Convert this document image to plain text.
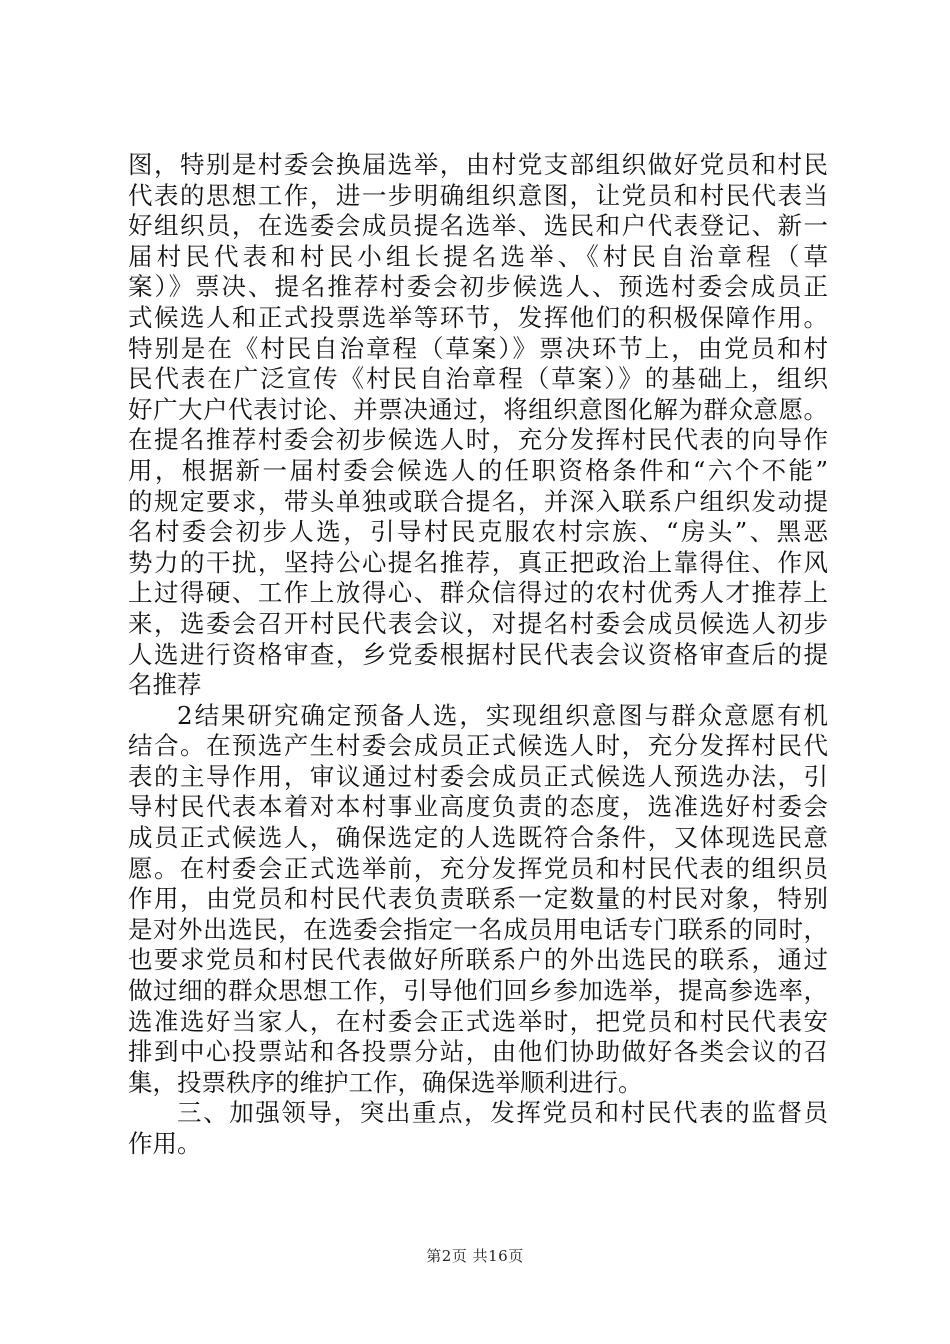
图，特别是村委会换届选举，由村党支部组织做好党员和村民
代表的思想工作，进一步明确组织意图，让党员和村民代表当
好组织员，在选委会成员提名选举、选民和户代表登记、新一
届村民代表和村民小组长提名选举、《村民自治章程（草
案）》票决、提名推荐村委会初步候选人、预选村委会成员正
式候选人和正式投票选举等环节，发挥他们的积极保障作用。
特别是在《村民自治章程（草案）》票决环节上，由党员和村
民代表在广泛宣传《村民自治章程（草案）》的基础上，组织
好广大户代表讨论、并票决通过，将组织意图化解为群众意愿。
在提名推荐村委会初步候选人时，充分发挥村民代表的向导作
用，根据新一届村委会候选人的任职资格条件和“六个不能”
的规定要求，带头单独或联合提名，并深入联系户组织发动提
名村委会初步人选，引导村民克服农村宗族、“房头”、黑恶
势力的干扰，坚持公心提名推荐，真正把政治上靠得住、作风
上过得硬、工作上放得心、群众信得过的农村优秀人才推荐上
来，选委会召开村民代表会议，对提名村委会成员候选人初步
人选进行资格审查，乡党委根据村民代表会议资格审查后的提
名推荐
2结果研究确定预备人选，实现组织意图与群众意愿有机
结合。在预选产生村委会成员正式候选人时，充分发挥村民代
表的主导作用，审议通过村委会成员正式候选人预选办法，引
导村民代表本着对本村事业高度负责的态度，选准选好村委会
成员正式候选人，确保选定的人选既符合条件，又体现选民意
愿。在村委会正式选举前，充分发挥党员和村民代表的组织员
作用，由党员和村民代表负责联系一定数量的村民对象，特别
是对外出选民，在选委会指定一名成员用电话专门联系的同时，
也要求党员和村民代表做好所联系户的外出选民的联系，通过
做过细的群众思想工作，引导他们回乡参加选举，提高参选率，
选准选好当家人，在村委会正式选举时，把党员和村民代表安
排到中心投票站和各投票分站，由他们协助做好各类会议的召
集，投票秩序的维护工作，确保选举顺利进行。
三、加强领导，突出重点，发挥党员和村民代表的监督员
作用。
第2页 共16页
